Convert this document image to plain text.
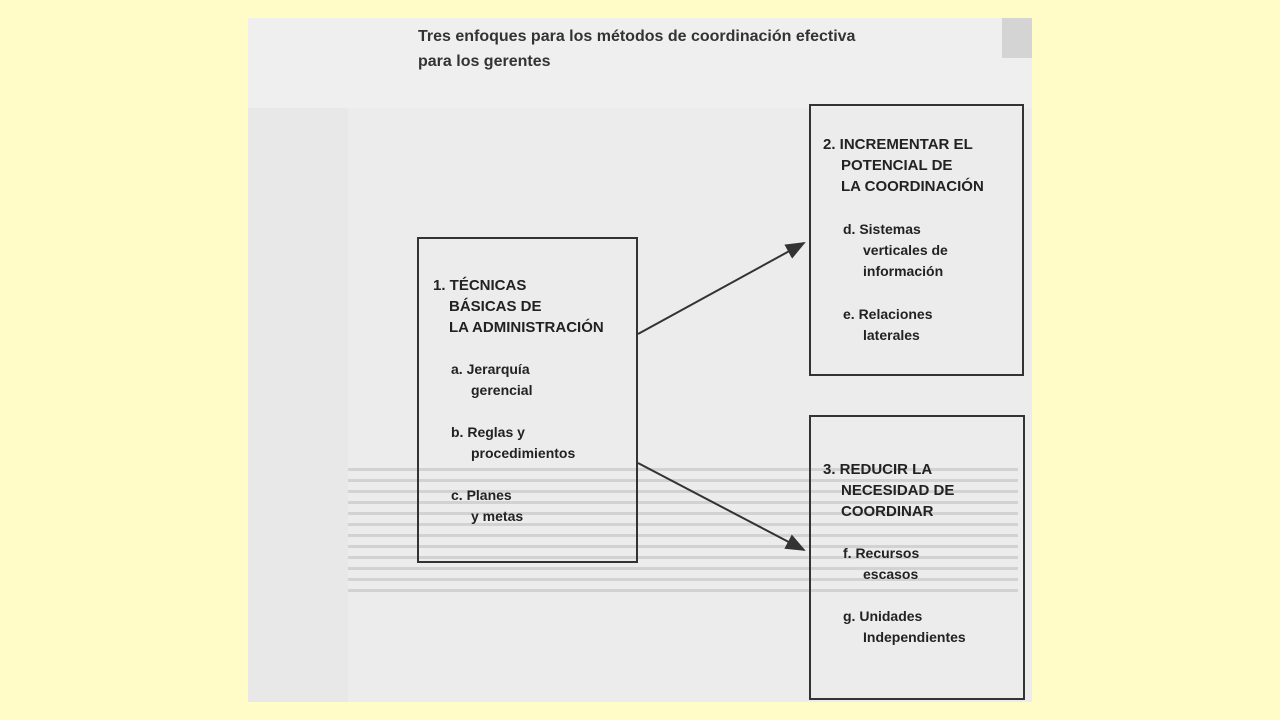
Tres enfoques para los métodos de coordinación efectiva
para los gerentes
1. TÉCNICAS
BÁSICAS DE
LA ADMINISTRACIÓN
a. Jerarquía
gerencial
b. Reglas y
procedimientos
c. Planes
y metas
2. INCREMENTAR EL
POTENCIAL DE
LA COORDINACIÓN
d. Sistemas
verticales de
información
e. Relaciones
laterales
3. REDUCIR LA
NECESIDAD DE
COORDINAR
f. Recursos
escasos
g. Unidades
Independientes
